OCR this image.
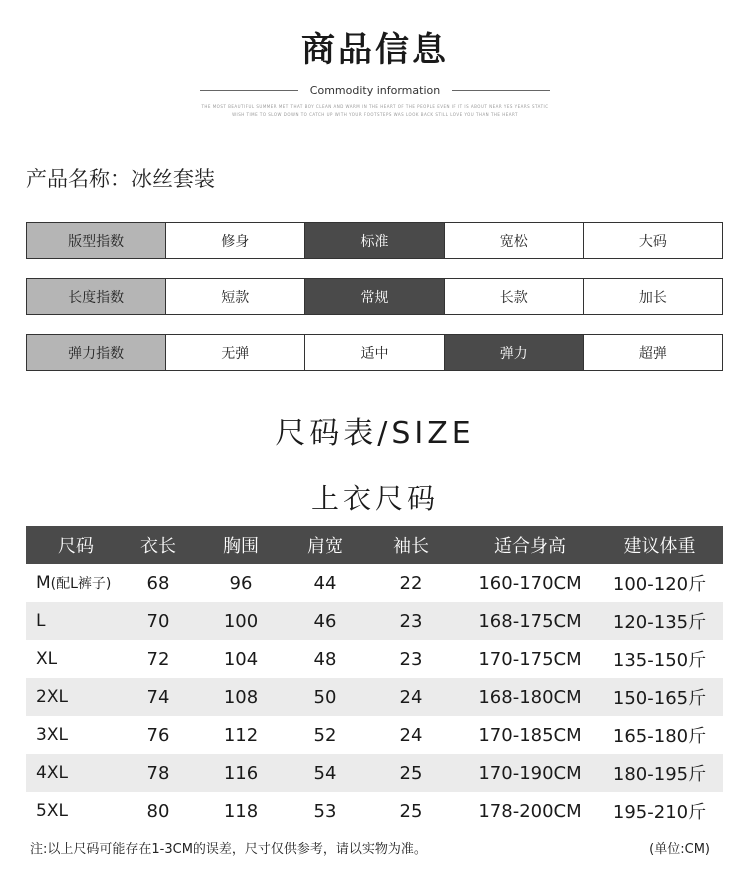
商品信息
Commodity information
THE MOST BEAUTIFUL SUMMER MET THAT BOY CLEAN AND WARM IN THE HEART OF THE PEOPLE EVEN IF IT IS ABOUT NEAR YES YEARS STATIC
WISH TIME TO SLOW DOWN TO CATCH UP WITH YOUR FOOTSTEPS WAS LOOK BACK STILL LOVE YOU THAN THE HEART
产品名称：冰丝套装
版型指数	修身	标准	宽松	大码
长度指数	短款	常规	长款	加长
弹力指数	无弹	适中	弹力	超弹
尺码表/SIZE
上衣尺码
尺码	衣长	胸围	肩宽	袖长	适合身高	建议体重
M(配L裤子)	68	96	44	22	160-170CM	100-120斤
L	70	100	46	23	168-175CM	120-135斤
XL	72	104	48	23	170-175CM	135-150斤
2XL	74	108	50	24	168-180CM	150-165斤
3XL	76	112	52	24	170-185CM	165-180斤
4XL	78	116	54	25	170-190CM	180-195斤
5XL	80	118	53	25	178-200CM	195-210斤
注:以上尺码可能存在1-3CM的误差，尺寸仅供参考，请以实物为准。	(单位:CM)
